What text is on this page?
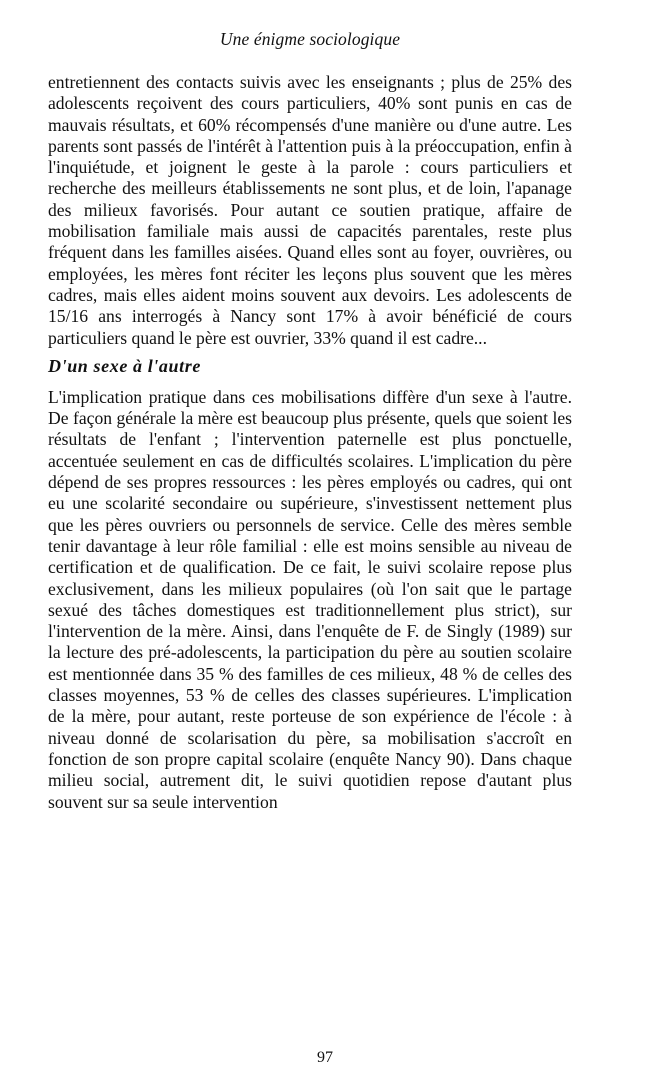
Une énigme sociologique

entretiennent des contacts suivis avec les enseignants ; plus de 25% des adolescents reçoivent des cours particuliers, 40% sont punis en cas de mauvais résultats, et 60% récompensés d'une manière ou d'une autre. Les parents sont passés de l'intérêt à l'attention puis à la préoccupation, enfin à l'inquiétude, et joignent le geste à la parole : cours particuliers et recherche des meilleurs établissements ne sont plus, et de loin, l'apanage des milieux favorisés. Pour autant ce soutien pratique, affaire de mobilisation familiale mais aussi de capacités parentales, reste plus fréquent dans les familles aisées. Quand elles sont au foyer, ouvrières, ou employées, les mères font réciter les leçons plus souvent que les mères cadres, mais elles aident moins souvent aux devoirs. Les adolescents de 15/16 ans interrogés à Nancy sont 17% à avoir bénéficié de cours particuliers quand le père est ouvrier, 33% quand il est cadre...

D'un sexe à l'autre

L'implication pratique dans ces mobilisations diffère d'un sexe à l'autre. De façon générale la mère est beaucoup plus présente, quels que soient les résultats de l'enfant ; l'intervention paternelle est plus ponctuelle, accentuée seulement en cas de difficultés scolaires. L'implication du père dépend de ses propres ressources : les pères employés ou cadres, qui ont eu une scolarité secondaire ou supérieure, s'investissent nettement plus que les pères ouvriers ou personnels de service. Celle des mères semble tenir davantage à leur rôle familial : elle est moins sensible au niveau de certification et de qualification. De ce fait, le suivi scolaire repose plus exclusivement, dans les milieux populaires (où l'on sait que le partage sexué des tâches domestiques est traditionnellement plus strict), sur l'intervention de la mère. Ainsi, dans l'enquête de F. de Singly (1989) sur la lecture des pré-adolescents, la participation du père au soutien scolaire est mentionnée dans 35 % des familles de ces milieux, 48 % de celles des classes moyennes, 53 % de celles des classes supérieures. L'implication de la mère, pour autant, reste porteuse de son expérience de l'école : à niveau donné de scolarisation du père, sa mobilisation s'accroît en fonction de son propre capital scolaire (enquête Nancy 90). Dans chaque milieu social, autrement dit, le suivi quotidien repose d'autant plus souvent sur sa seule intervention

97
